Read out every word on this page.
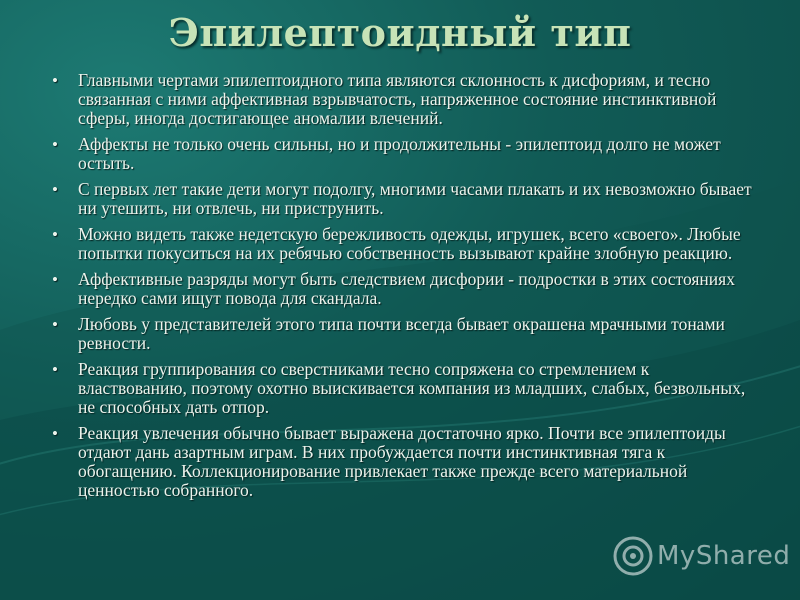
Эпилептоидный тип
• Главными чертами эпилептоидного типа являются склонность к дисфориям, и тесно связанная с ними аффективная взрывчатость, напряженное состояние инстинктивной сферы, иногда достигающее аномалии влечений.
• Аффекты не только очень сильны, но и продолжительны - эпилептоид долго не может остыть.
• С первых лет такие дети могут подолгу, многими часами плакать и их невозможно бывает ни утешить, ни отвлечь, ни приструнить.
• Можно видеть также недетскую бережливость одежды, игрушек, всего «своего». Любые попытки покуситься на их ребячью собственность вызывают крайне злобную реакцию.
• Аффективные разряды могут быть следствием дисфории - подростки в этих состояниях нередко сами ищут повода для скандала.
• Любовь у представителей этого типа почти всегда бывает окрашена мрачными тонами ревности.
• Реакция группирования со сверстниками тесно сопряжена со стремлением к властвованию, поэтому охотно выискивается компания из младших, слабых, безвольных, не способных дать отпор.
• Реакция увлечения обычно бывает выражена достаточно ярко. Почти все эпилептоиды отдают дань азартным играм. В них пробуждается почти инстинктивная тяга к обогащению. Коллекционирование привлекает также прежде всего материальной ценностью собранного.
MyShared
